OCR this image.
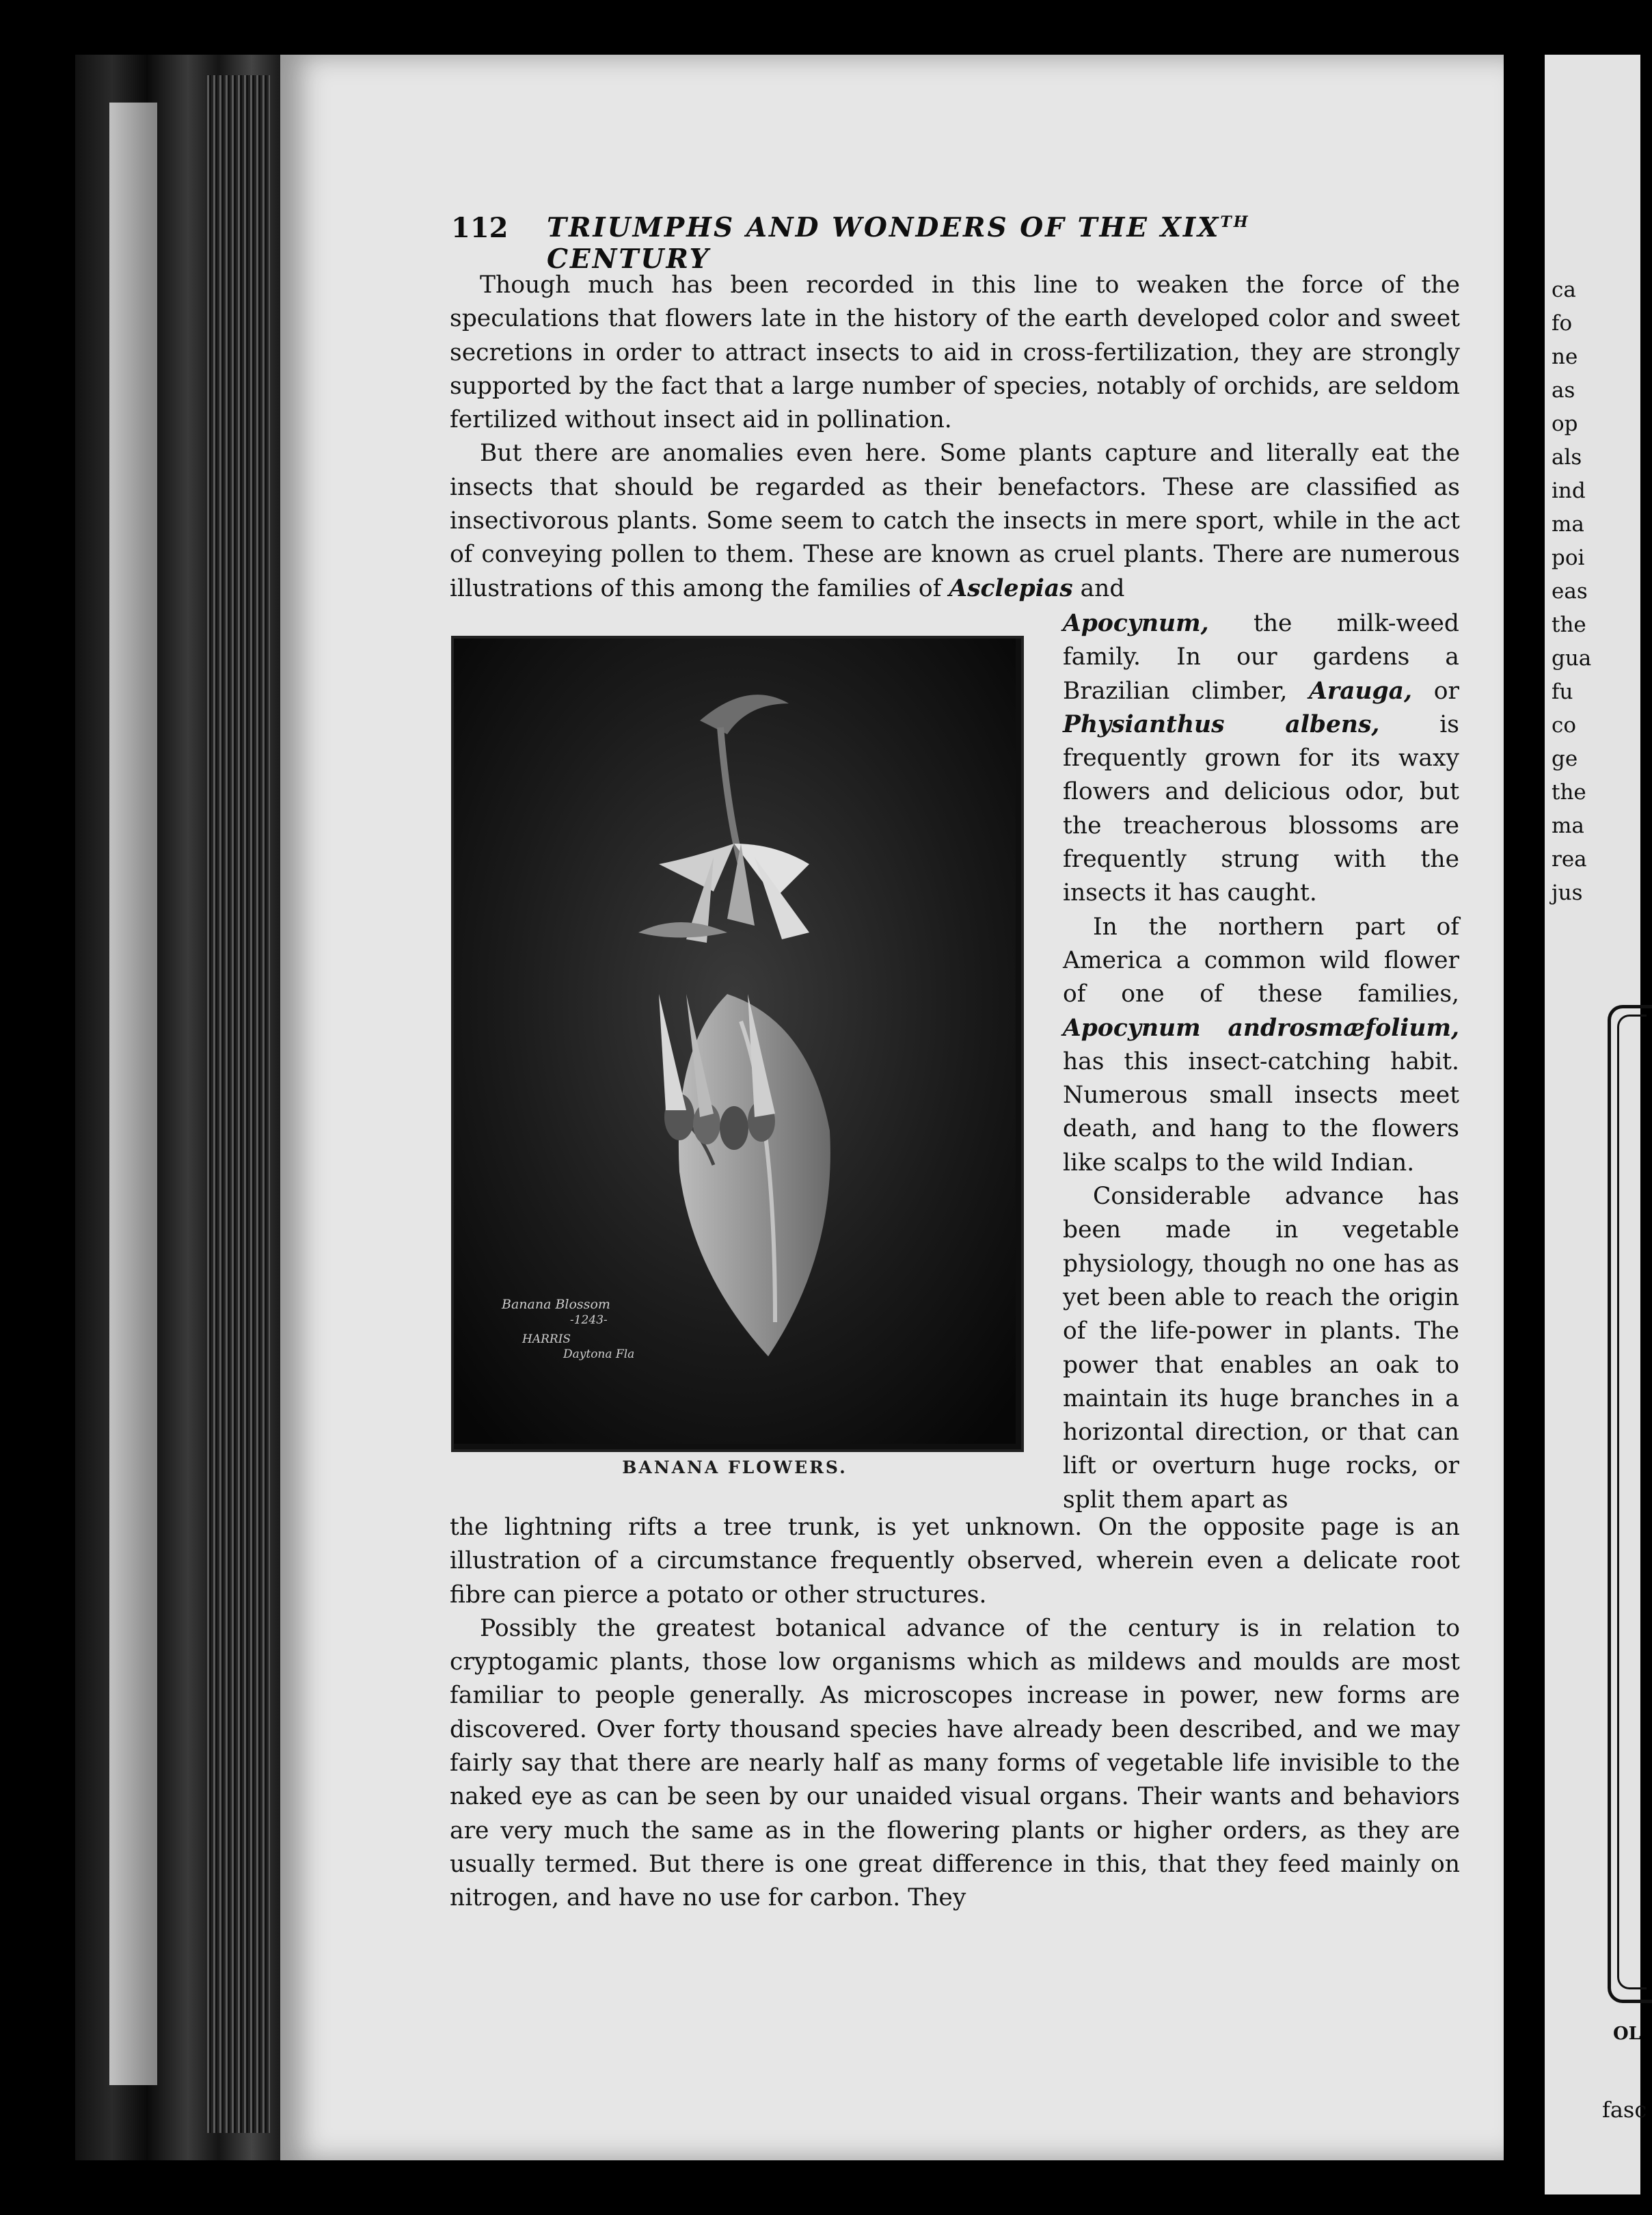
ca
fo
ne
as
op
als
ind
ma
poi
eas
the
gua
fu
co
ge
the
ma
rea
jus
OL
fasc
112 TRIUMPHS AND WONDERS OF THE XIXTH CENTURY

Though much has been recorded in this line to weaken the force of the speculations that flowers late in the history of the earth developed color and sweet secretions in order to attract insects to aid in cross-fertilization, they are strongly supported by the fact that a large number of species, notably of orchids, are seldom fertilized without insect aid in pollination.

But there are anomalies even here. Some plants capture and literally eat the insects that should be regarded as their benefactors. These are classified as insectivorous plants. Some seem to catch the insects in mere sport, while in the act of conveying pollen to them. These are known as cruel plants. There are numerous illustrations of this among the families of Asclepias and

Apocynum, the milk-weed family. In our gardens a Brazilian climber, Arauga, or Physianthus albens, is frequently grown for its waxy flowers and delicious odor, but the treacherous blossoms are frequently strung with the insects it has caught.

In the northern part of America a common wild flower of one of these families, Apocynum androsmæfolium, has this insect-catching habit. Numerous small insects meet death, and hang to the flowers like scalps to the wild Indian.

Considerable advance has been made in vegetable physiology, though no one has as yet been able to reach the origin of the life-power in plants. The power that enables an oak to maintain its huge branches in a horizontal direction, or that can lift or overturn huge rocks, or split them apart as

Banana Blossom
-1243-
HARRIS
Daytona Fla
BANANA FLOWERS.

the lightning rifts a tree trunk, is yet unknown. On the opposite page is an illustration of a circumstance frequently observed, wherein even a delicate root fibre can pierce a potato or other structures.

Possibly the greatest botanical advance of the century is in relation to cryptogamic plants, those low organisms which as mildews and moulds are most familiar to people generally. As microscopes increase in power, new forms are discovered. Over forty thousand species have already been described, and we may fairly say that there are nearly half as many forms of vegetable life invisible to the naked eye as can be seen by our unaided visual organs. Their wants and behaviors are very much the same as in the flowering plants or higher orders, as they are usually termed. But there is one great difference in this, that they feed mainly on nitrogen, and have no use for carbon. They
